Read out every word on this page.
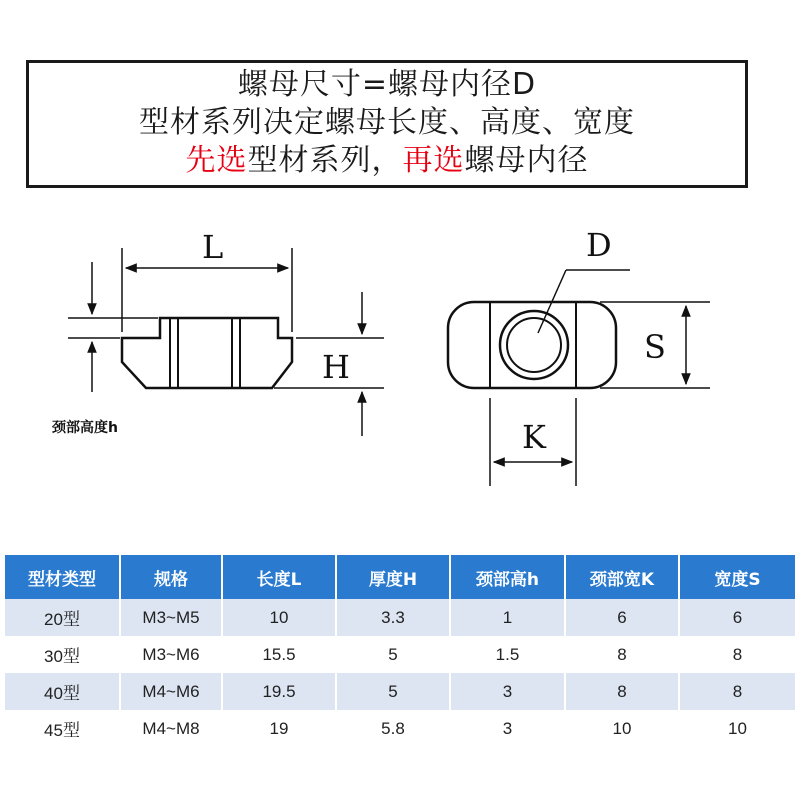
螺母尺寸=螺母内径D
型材系列决定螺母长度、高度、宽度
先选型材系列，再选螺母内径
L
H
D
S
K
颈部高度h
型材类型	规格	长度L	厚度H	颈部高h	颈部宽K	宽度S
20型	M3~M5	10	3.3	1	6	6
30型	M3~M6	15.5	5	1.5	8	8
40型	M4~M6	19.5	5	3	8	8
45型	M4~M8	19	5.8	3	10	10
